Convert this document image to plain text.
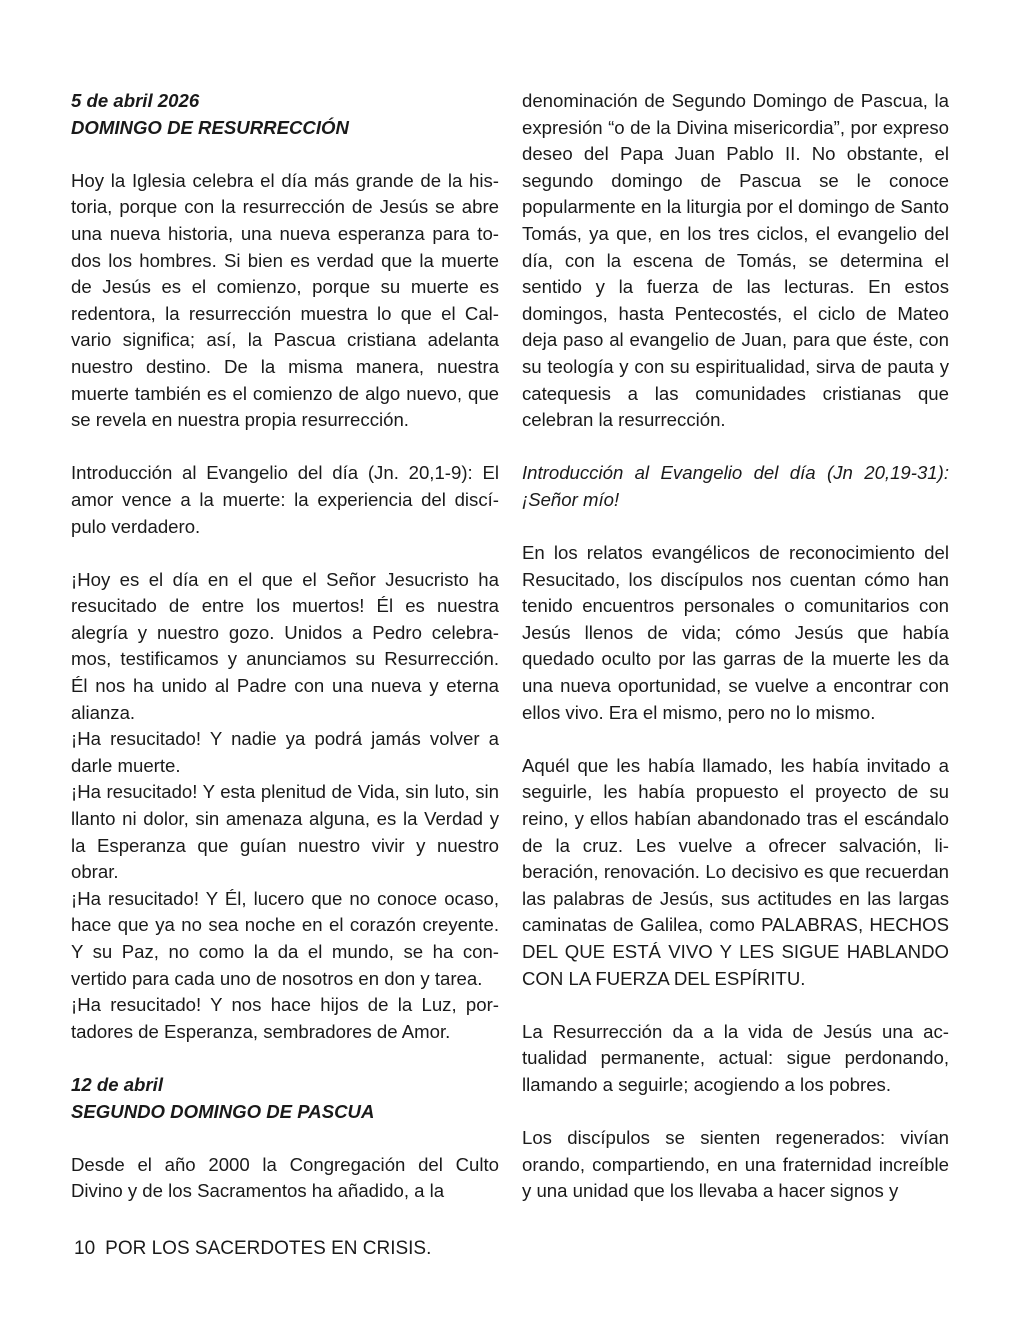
5 de abril 2026
DOMINGO DE RESURRECCIÓN

Hoy la Iglesia celebra el día más grande de la historia, porque con la resurrección de Jesús se abre una nueva historia, una nueva esperanza para todos los hombres. Si bien es verdad que la muerte de Jesús es el comienzo, porque su muerte es redentora, la resurrección muestra lo que el Calvario significa; así, la Pascua cristiana adelanta nuestro destino. De la misma manera, nuestra muerte también es el comienzo de algo nuevo, que se revela en nuestra propia resurrección.

Introducción al Evangelio del día (Jn. 20,1-9): El amor vence a la muerte: la experiencia del discípulo verdadero.

¡Hoy es el día en el que el Señor Jesucristo ha resucitado de entre los muertos! Él es nuestra alegría y nuestro gozo. Unidos a Pedro celebramos, testificamos y anunciamos su Resurrección. Él nos ha unido al Padre con una nueva y eterna alianza.

¡Ha resucitado! Y nadie ya podrá jamás volver a darle muerte.

¡Ha resucitado! Y esta plenitud de Vida, sin luto, sin llanto ni dolor, sin amenaza alguna, es la Verdad y la Esperanza que guían nuestro vivir y nuestro obrar.

¡Ha resucitado! Y Él, lucero que no conoce ocaso, hace que ya no sea noche en el corazón creyente. Y su Paz, no como la da el mundo, se ha convertido para cada uno de nosotros en don y tarea.

¡Ha resucitado! Y nos hace hijos de la Luz, portadores de Esperanza, sembradores de Amor.

12 de abril
SEGUNDO DOMINGO DE PASCUA

Desde el año 2000 la Congregación del Culto Divino y de los Sacramentos ha añadido, a la

denominación de Segundo Domingo de Pascua, la expresión “o de la Divina misericordia”, por expreso deseo del Papa Juan Pablo II. No obstante, el segundo domingo de Pascua se le conoce popularmente en la liturgia por el domingo de Santo Tomás, ya que, en los tres ciclos, el evangelio del día, con la escena de Tomás, se determina el sentido y la fuerza de las lecturas. En estos domingos, hasta Pentecostés, el ciclo de Mateo deja paso al evangelio de Juan, para que éste, con su teología y con su espiritualidad, sirva de pauta y catequesis a las comunidades cristianas que celebran la resurrección.

Introducción al Evangelio del día (Jn 20,19-31): ¡Señor mío!

En los relatos evangélicos de reconocimiento del Resucitado, los discípulos nos cuentan cómo han tenido encuentros personales o comunitarios con Jesús llenos de vida; cómo Jesús que había quedado oculto por las garras de la muerte les da una nueva oportunidad, se vuelve a encontrar con ellos vivo. Era el mismo, pero no lo mismo.

Aquél que les había llamado, les había invitado a seguirle, les había propuesto el proyecto de su reino, y ellos habían abandonado tras el escándalo de la cruz. Les vuelve a ofrecer salvación, liberación, renovación. Lo decisivo es que recuerdan las palabras de Jesús, sus actitudes en las largas caminatas de Galilea, como PALABRAS, HECHOS DEL QUE ESTÁ VIVO Y LES SIGUE HABLANDO CON LA FUERZA DEL ESPÍRITU.

La Resurrección da a la vida de Jesús una actualidad permanente, actual: sigue perdonando, llamando a seguirle; acogiendo a los pobres.

Los discípulos se sienten regenerados: vivían orando, compartiendo, en una fraternidad increíble y una unidad que los llevaba a hacer signos y

10 POR LOS SACERDOTES EN CRISIS.
